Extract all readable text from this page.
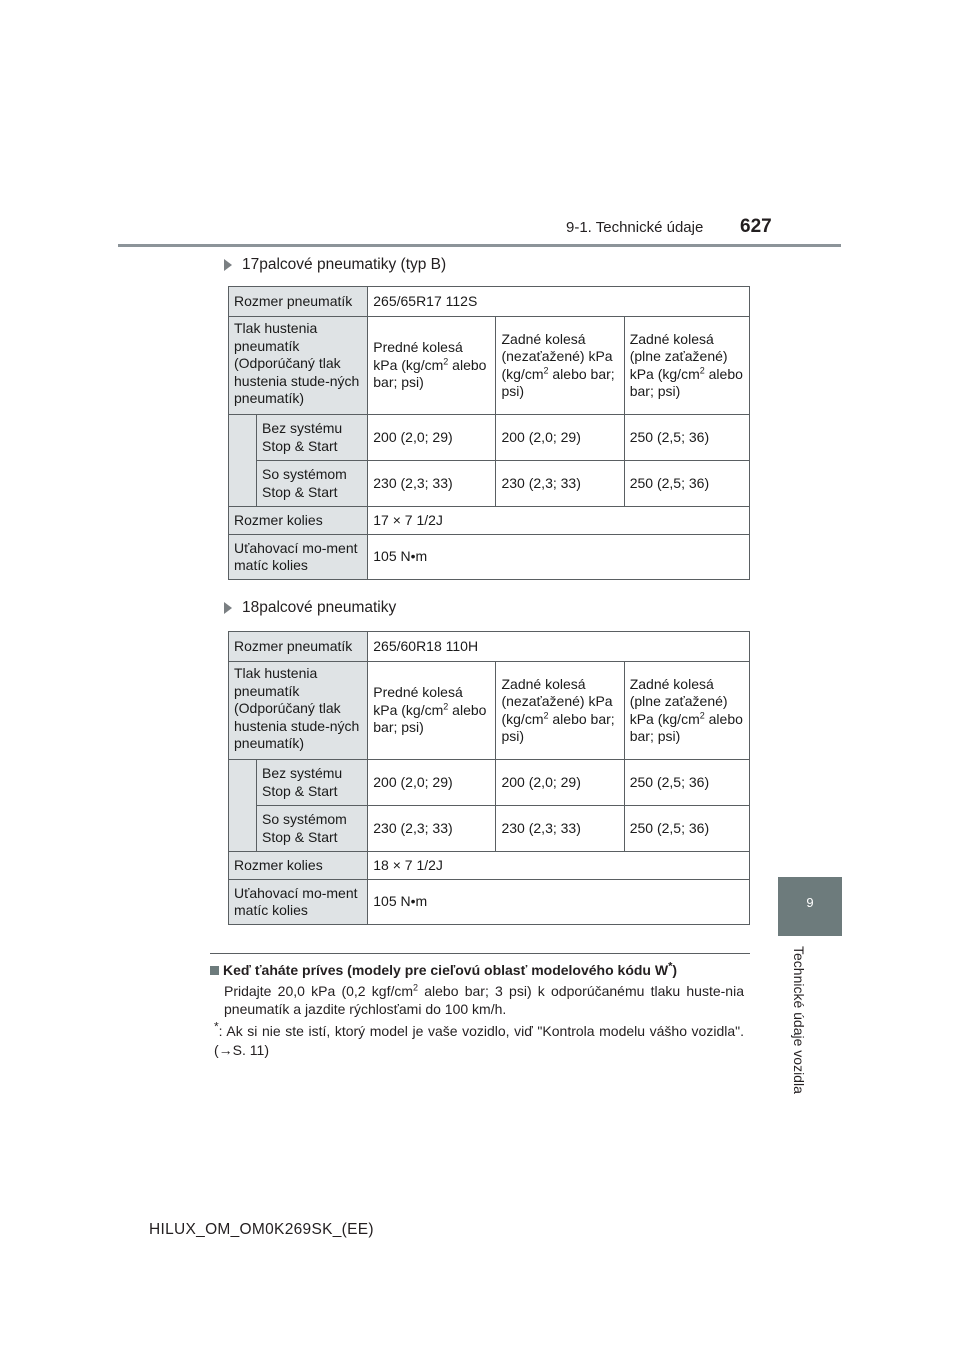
9-1. Technické údaje 627
9
Technické údaje vozidla
17palcové pneumatiky (typ B)
Rozmer pneumatík		265/65R17 112S		
Tlak hustenia pneumatík (Odporúčaný tlak hustenia stude-ných pneumatík)		Predné kolesá kPa ($kg/cm^2$ alebo bar; psi)	Zadné kolesá (nezaťažené) kPa ($kg/cm^2$ alebo bar; psi)	Zadné kolesá (plne zaťažené) kPa ($kg/cm^2$ alebo bar; psi)
	Bez systému Stop & Start	200 (2,0; 29)	200 (2,0; 29)	250 (2,5; 36)
	So systémom Stop & Start	230 (2,3; 33)	230 (2,3; 33)	250 (2,5; 36)
Rozmer kolies		17 × 7 1/2J		
Uťahovací mo-ment matíc kolies		105 N•m		
18palcové pneumatiky
Rozmer pneumatík		265/60R18 110H		
Tlak hustenia pneumatík (Odporúčaný tlak hustenia stude-ných pneumatík)		Predné kolesá kPa ($kg/cm^2$ alebo bar; psi)	Zadné kolesá (nezaťažené) kPa ($kg/cm^2$ alebo bar; psi)	Zadné kolesá (plne zaťažené) kPa ($kg/cm^2$ alebo bar; psi)
	Bez systému Stop & Start	200 (2,0; 29)	200 (2,0; 29)	250 (2,5; 36)
	So systémom Stop & Start	230 (2,3; 33)	230 (2,3; 33)	250 (2,5; 36)
Rozmer kolies		18 × 7 1/2J		
Uťahovací mo-ment matíc kolies		105 N•m		
Keď ťaháte príves (modely pre cieľovú oblasť modelového kódu W*)
Pridajte 20,0 kPa (0,2 kgf/$cm^2$ alebo bar; 3 psi) k odporúčanému tlaku huste-nia pneumatík a jazdite rýchlosťami do 100 km/h.
*: Ak si nie ste istí, ktorý model je vaše vozidlo, viď "Kontrola modelu vášho vozidla". (→S. 11)
HILUX_OM_OM0K269SK_(EE)
